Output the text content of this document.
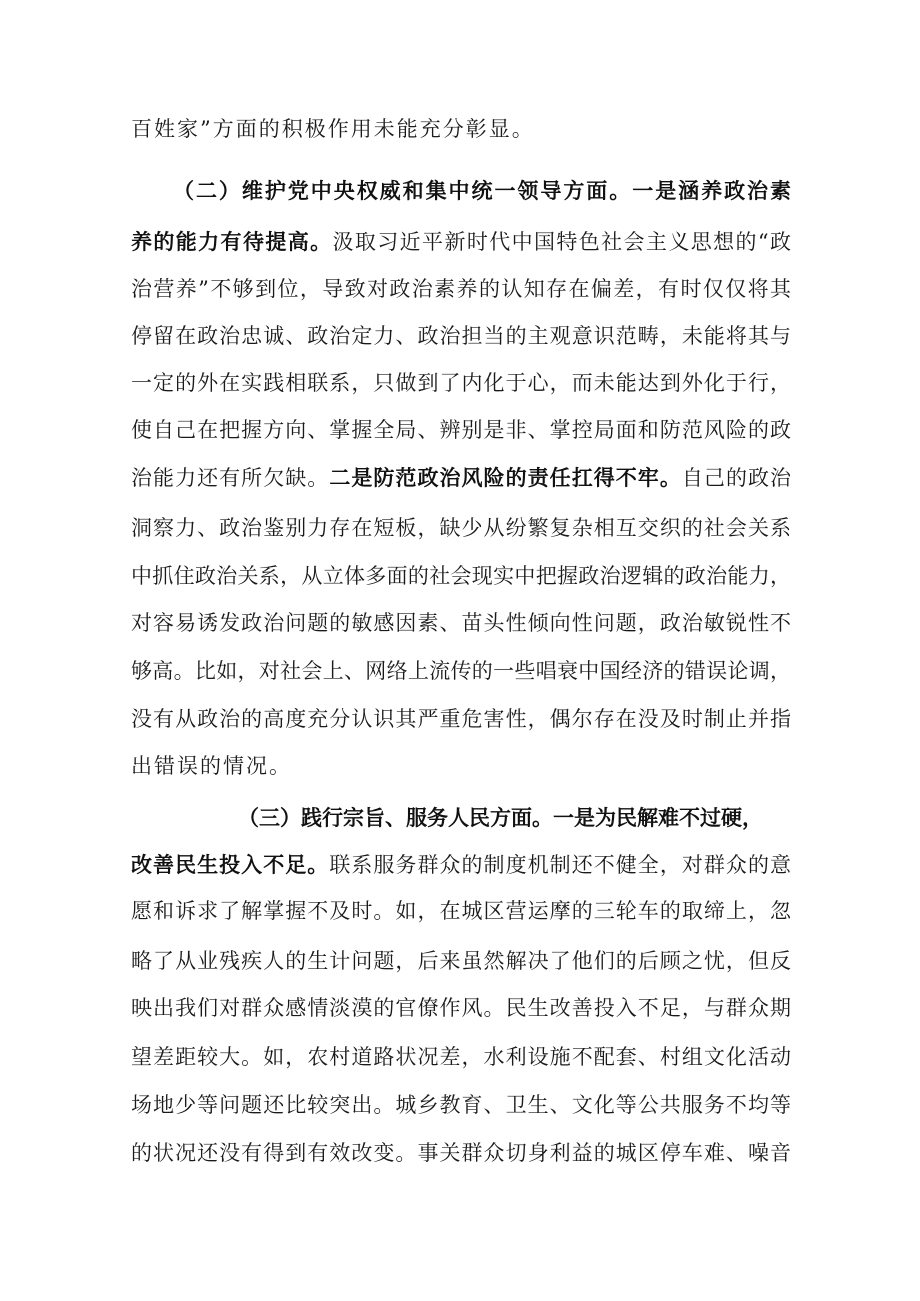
百姓家”方面的积极作用未能充分彰显。
（二）维护党中央权威和集中统一领导方面。一是涵养政治素
养的能力有待提高。汲取习近平新时代中国特色社会主义思想的“政
治营养”不够到位，导致对政治素养的认知存在偏差，有时仅仅将其
停留在政治忠诚、政治定力、政治担当的主观意识范畴，未能将其与
一定的外在实践相联系，只做到了内化于心，而未能达到外化于行，
使自己在把握方向、掌握全局、辨别是非、掌控局面和防范风险的政
治能力还有所欠缺。二是防范政治风险的责任扛得不牢。自己的政治
洞察力、政治鉴别力存在短板，缺少从纷繁复杂相互交织的社会关系
中抓住政治关系，从立体多面的社会现实中把握政治逻辑的政治能力，
对容易诱发政治问题的敏感因素、苗头性倾向性问题，政治敏锐性不
够高。比如，对社会上、网络上流传的一些唱衰中国经济的错误论调，
没有从政治的高度充分认识其严重危害性，偶尔存在没及时制止并指
出错误的情况。
（三）践行宗旨、服务人民方面。一是为民解难不过硬，
改善民生投入不足。联系服务群众的制度机制还不健全，对群众的意
愿和诉求了解掌握不及时。如，在城区营运摩的三轮车的取缔上，忽
略了从业残疾人的生计问题，后来虽然解决了他们的后顾之忧，但反
映出我们对群众感情淡漠的官僚作风。民生改善投入不足，与群众期
望差距较大。如，农村道路状况差，水利设施不配套、村组文化活动
场地少等问题还比较突出。城乡教育、卫生、文化等公共服务不均等
的状况还没有得到有效改变。事关群众切身利益的城区停车难、噪音
